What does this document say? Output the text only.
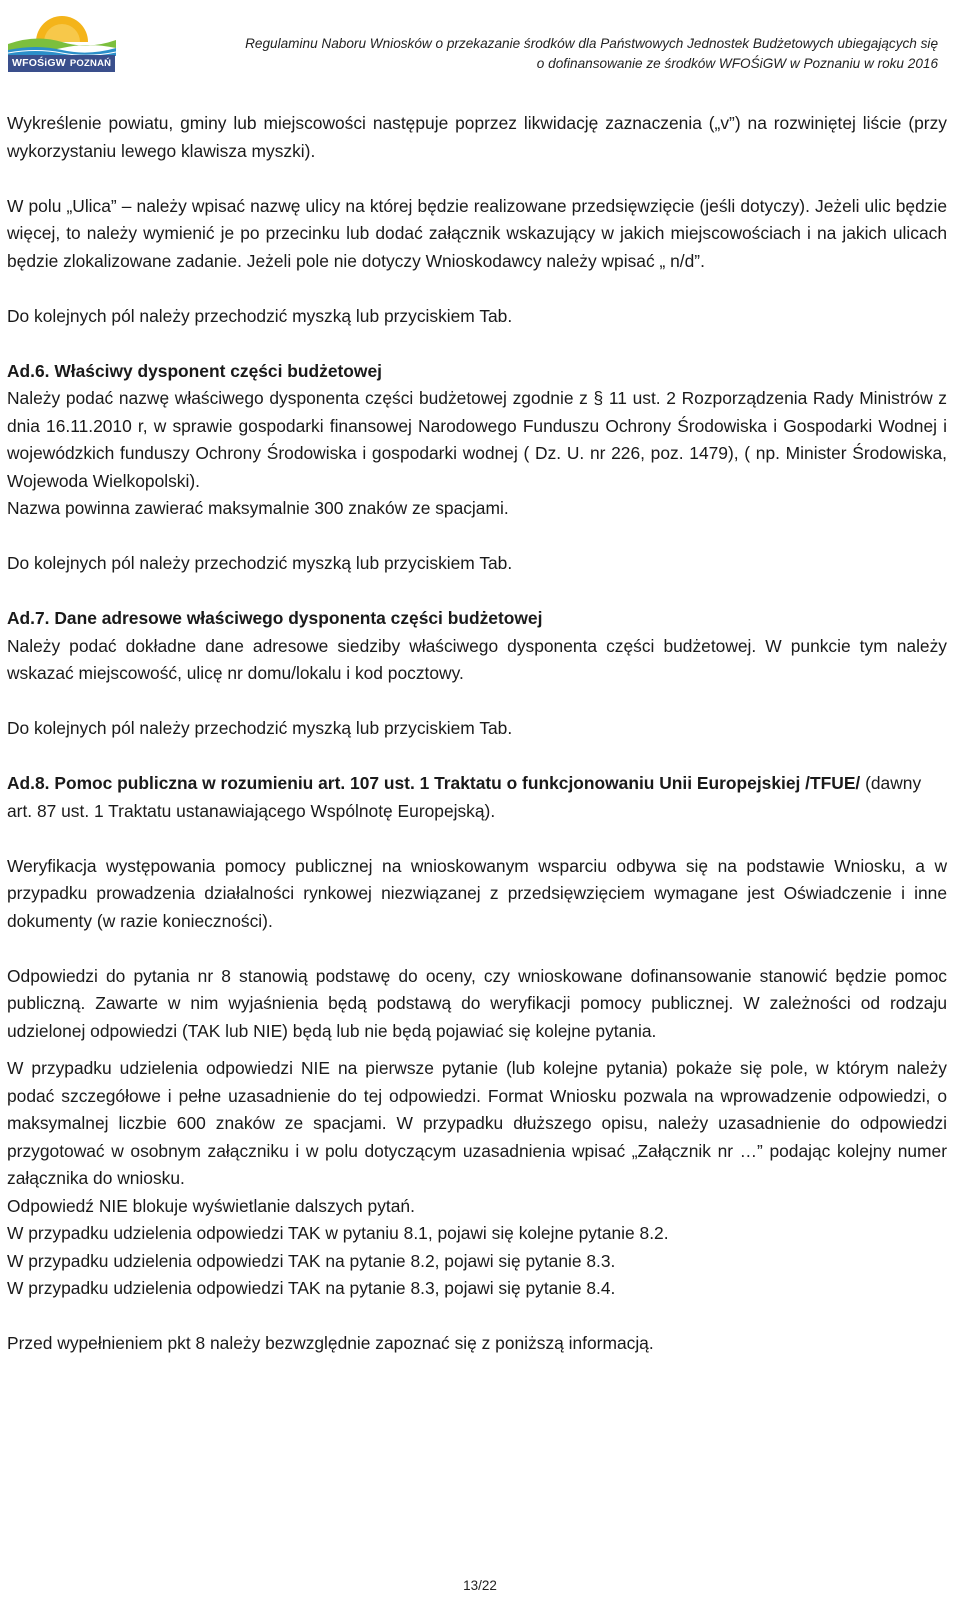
WFOŚiGW POZNAŃ
Regulaminu Naboru Wniosków o przekazanie środków dla Państwowych Jednostek Budżetowych ubiegających się
o dofinansowanie ze środków WFOŚiGW w Poznaniu w roku 2016

Wykreślenie powiatu, gminy lub miejscowości następuje poprzez likwidację zaznaczenia („v”) na rozwiniętej liście (przy wykorzystaniu lewego klawisza myszki).

W polu „Ulica” – należy wpisać nazwę ulicy na której będzie realizowane przedsięwzięcie (jeśli dotyczy). Jeżeli ulic będzie więcej, to należy wymienić je po przecinku lub dodać załącznik wskazujący w jakich miejscowościach i na jakich ulicach będzie zlokalizowane zadanie. Jeżeli pole nie dotyczy Wnioskodawcy należy wpisać „ n/d”.

Do kolejnych pól należy przechodzić myszką lub przyciskiem Tab.

Ad.6. Właściwy dysponent części budżetowej

Należy podać nazwę właściwego dysponenta części budżetowej zgodnie z § 11 ust. 2 Rozporządzenia Rady Ministrów z dnia 16.11.2010 r, w sprawie gospodarki finansowej Narodowego Funduszu Ochrony Środowiska i Gospodarki Wodnej i wojewódzkich funduszy Ochrony Środowiska i gospodarki wodnej ( Dz. U. nr 226, poz. 1479), ( np. Minister Środowiska, Wojewoda Wielkopolski).

Nazwa powinna zawierać maksymalnie 300 znaków ze spacjami.

Do kolejnych pól należy przechodzić myszką lub przyciskiem Tab.

Ad.7. Dane adresowe właściwego dysponenta części budżetowej

Należy podać dokładne dane adresowe siedziby właściwego dysponenta części budżetowej. W punkcie tym należy wskazać miejscowość, ulicę nr domu/lokalu i kod pocztowy.

Do kolejnych pól należy przechodzić myszką lub przyciskiem Tab.

Ad.8. Pomoc publiczna w rozumieniu art. 107 ust. 1 Traktatu o funkcjonowaniu Unii Europejskiej /TFUE/ (dawny art. 87 ust. 1 Traktatu ustanawiającego Wspólnotę Europejską).

Weryfikacja występowania pomocy publicznej na wnioskowanym wsparciu odbywa się na podstawie Wniosku, a w przypadku prowadzenia działalności rynkowej niezwiązanej z przedsięwzięciem wymagane jest Oświadczenie i inne dokumenty (w razie konieczności).

Odpowiedzi do pytania nr 8 stanowią podstawę do oceny, czy wnioskowane dofinansowanie stanowić będzie pomoc publiczną. Zawarte w nim wyjaśnienia będą podstawą do weryfikacji pomocy publicznej. W zależności od rodzaju udzielonej odpowiedzi (TAK lub NIE) będą lub nie będą pojawiać się kolejne pytania.

W przypadku udzielenia odpowiedzi NIE na pierwsze pytanie (lub kolejne pytania) pokaże się pole, w którym należy podać szczegółowe i pełne uzasadnienie do tej odpowiedzi. Format Wniosku pozwala na wprowadzenie odpowiedzi, o maksymalnej liczbie 600 znaków ze spacjami. W przypadku dłuższego opisu, należy uzasadnienie do odpowiedzi przygotować w osobnym załączniku i w polu dotyczącym uzasadnienia wpisać „Załącznik nr …” podając kolejny numer załącznika do wniosku.

Odpowiedź NIE blokuje wyświetlanie dalszych pytań.

W przypadku udzielenia odpowiedzi TAK w pytaniu 8.1, pojawi się kolejne pytanie 8.2.

W przypadku udzielenia odpowiedzi TAK na pytanie 8.2, pojawi się pytanie 8.3.

W przypadku udzielenia odpowiedzi TAK na pytanie 8.3, pojawi się pytanie 8.4.

Przed wypełnieniem pkt 8 należy bezwzględnie zapoznać się z poniższą informacją.

13/22
